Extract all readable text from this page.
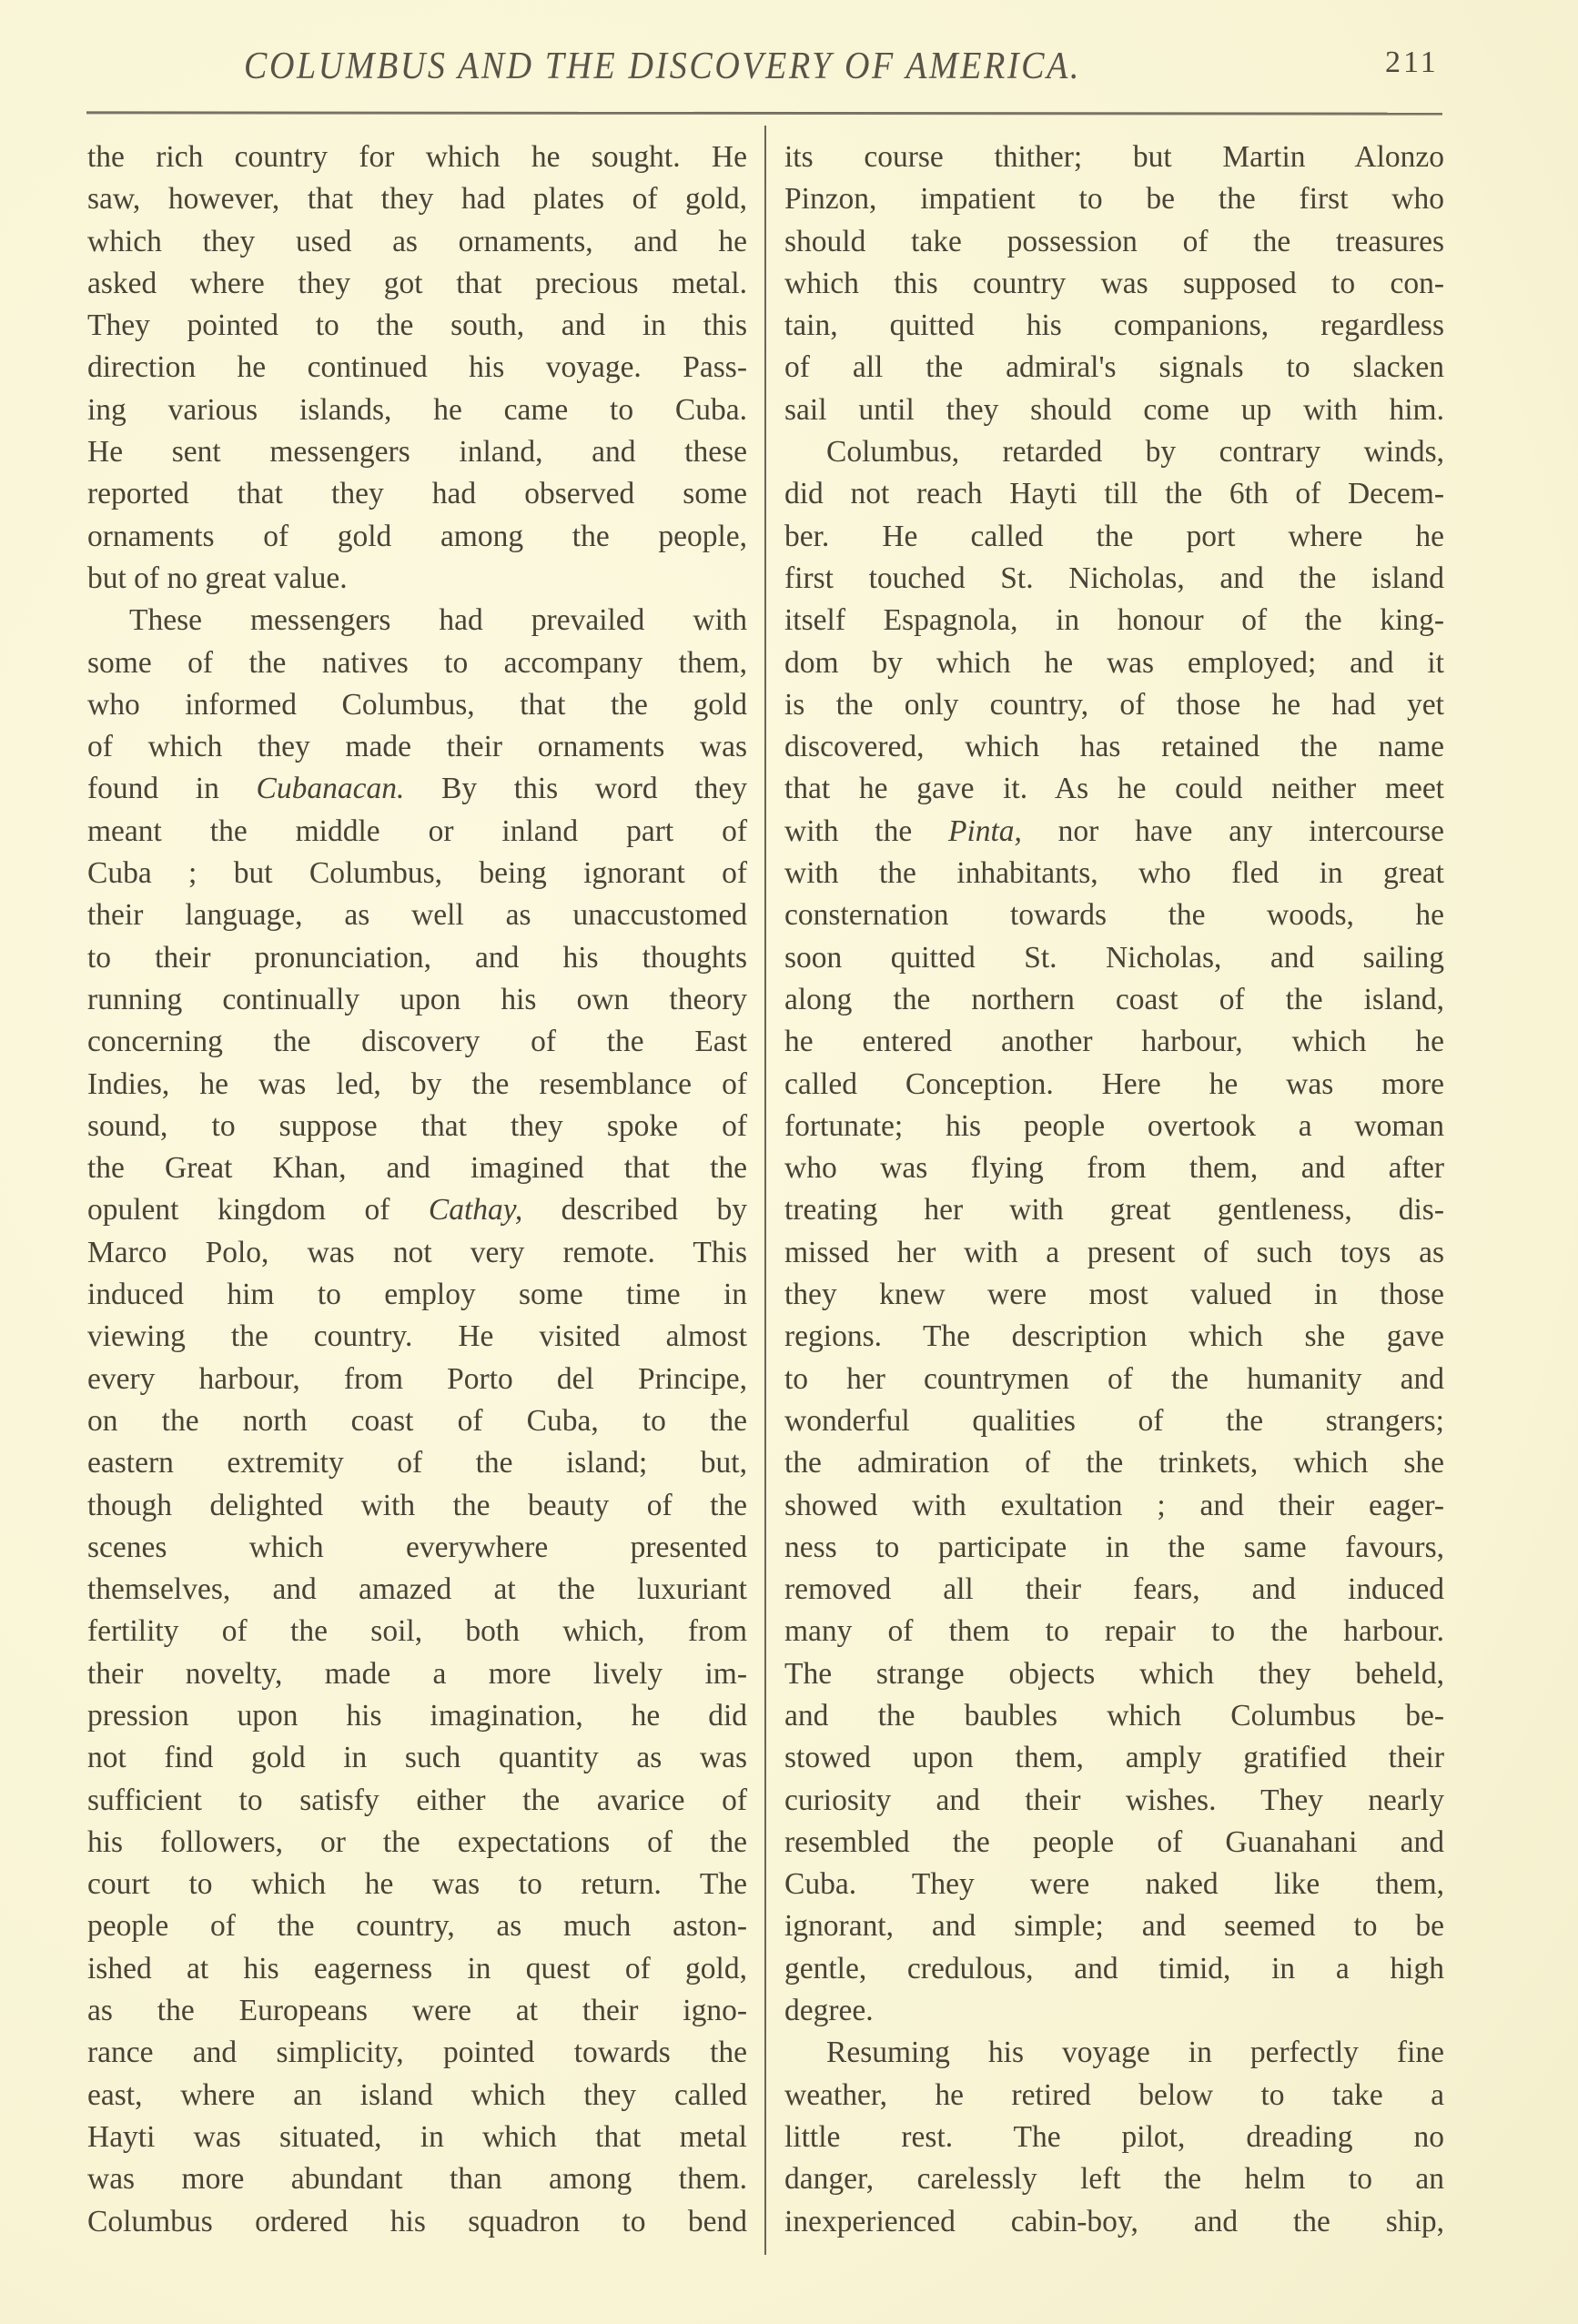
COLUMBUS AND THE DISCOVERY OF AMERICA.	211
the rich country for which he sought. He
saw, however, that they had plates of gold,
which they used as ornaments, and he
asked where they got that precious metal.
They pointed to the south, and in this
direction he continued his voyage. Pass-
ing various islands, he came to Cuba.
He sent messengers inland, and these
reported that they had observed some
ornaments of gold among the people,
but of no great value.
These messengers had prevailed with
some of the natives to accompany them,
who informed Columbus, that the gold
of which they made their ornaments was
found in Cubanacan. By this word they
meant the middle or inland part of
Cuba ; but Columbus, being ignorant of
their language, as well as unaccustomed
to their pronunciation, and his thoughts
running continually upon his own theory
concerning the discovery of the East
Indies, he was led, by the resemblance of
sound, to suppose that they spoke of
the Great Khan, and imagined that the
opulent kingdom of Cathay, described by
Marco Polo, was not very remote. This
induced him to employ some time in
viewing the country. He visited almost
every harbour, from Porto del Principe,
on the north coast of Cuba, to the
eastern extremity of the island; but,
though delighted with the beauty of the
scenes which everywhere presented
themselves, and amazed at the luxuriant
fertility of the soil, both which, from
their novelty, made a more lively im-
pression upon his imagination, he did
not find gold in such quantity as was
sufficient to satisfy either the avarice of
his followers, or the expectations of the
court to which he was to return. The
people of the country, as much aston-
ished at his eagerness in quest of gold,
as the Europeans were at their igno-
rance and simplicity, pointed towards the
east, where an island which they called
Hayti was situated, in which that metal
was more abundant than among them.
Columbus ordered his squadron to bend
its course thither; but Martin Alonzo
Pinzon, impatient to be the first who
should take possession of the treasures
which this country was supposed to con-
tain, quitted his companions, regardless
of all the admiral's signals to slacken
sail until they should come up with him.
Columbus, retarded by contrary winds,
did not reach Hayti till the 6th of Decem-
ber. He called the port where he
first touched St. Nicholas, and the island
itself Espagnola, in honour of the king-
dom by which he was employed; and it
is the only country, of those he had yet
discovered, which has retained the name
that he gave it. As he could neither meet
with the Pinta, nor have any intercourse
with the inhabitants, who fled in great
consternation towards the woods, he
soon quitted St. Nicholas, and sailing
along the northern coast of the island,
he entered another harbour, which he
called Conception. Here he was more
fortunate; his people overtook a woman
who was flying from them, and after
treating her with great gentleness, dis-
missed her with a present of such toys as
they knew were most valued in those
regions. The description which she gave
to her countrymen of the humanity and
wonderful qualities of the strangers;
the admiration of the trinkets, which she
showed with exultation ; and their eager-
ness to participate in the same favours,
removed all their fears, and induced
many of them to repair to the harbour.
The strange objects which they beheld,
and the baubles which Columbus be-
stowed upon them, amply gratified their
curiosity and their wishes. They nearly
resembled the people of Guanahani and
Cuba. They were naked like them,
ignorant, and simple; and seemed to be
gentle, credulous, and timid, in a high
degree.
Resuming his voyage in perfectly fine
weather, he retired below to take a
little rest. The pilot, dreading no
danger, carelessly left the helm to an
inexperienced cabin-boy, and the ship,
